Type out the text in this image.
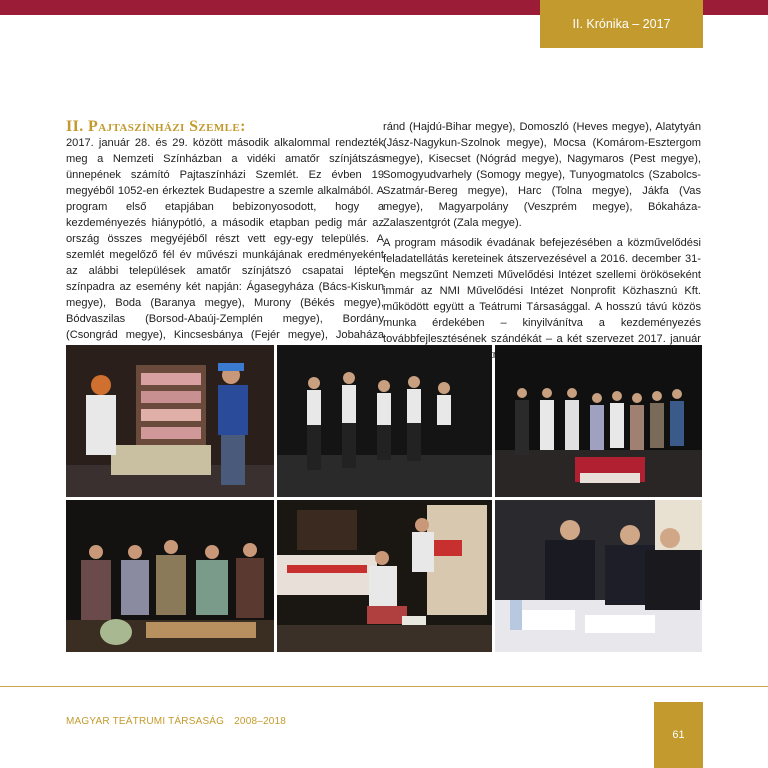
II. Krónika – 2017
II. Pajtaszínházi Szemle:

2017. január 28. és 29. között második alkalommal rendezték meg a Nemzeti Színházban a vidéki amatőr színjátszás ünnepének számító Pajtaszínházi Szemlét. Ez évben 19 megyéből 1052-en érkeztek Budapestre a szemle alkalmából. A program első etapjában bebizonyosodott, hogy a kezdeményezés hiánypótló, a második etapban pedig már az ország összes megyéjéből részt vett egy-egy település. A szemlét megelőző fél év művészi munkájának eredményeként az alábbi települések amatőr színjátszó csapatai léptek színpadra az esemény két napján: Ágasegyháza (Bács-Kiskun megye), Boda (Baranya megye), Murony (Békés megye), Bódvaszilas (Borsod-Abaúj-Zemplén megye), Bordány (Csongrád megye), Kincsesbánya (Fejér megye), Jobaháza

ránd (Hajdú-Bihar megye), Domoszló (Heves megye), Alatytyán (Jász-Nagykun-Szolnok megye), Mocsa (Komárom-Esztergom megye), Kisecset (Nógrád megye), Nagymaros (Pest megye), Somogyudvarhely (Somogy megye), Tunyogmatolcs (Szabolcs-Szatmár-Bereg megye), Harc (Tolna megye), Jákfa (Vas megye), Magyarpolány (Veszprém megye), Bókaháza-Zalaszentgrót (Zala megye).

A program második évadának befejezésében a közművelődési feladatellátás kereteinek átszervezésével a 2016. december 31-én megszűnt Nemzeti Művelődési Intézet szellemi örököseként immár az NMI Művelődési Intézet Nonprofit Közhasznú Kft. működött együtt a Teátrumi Társasággal. A hosszú távú közös munka érdekében – kinyilvánítva a kezdeményezés továbbfejlesztésének szándékát – a két szervezet 2017. január

MAGYAR TEÁTRUMI TÁRSASÁG 2008–2018
61
